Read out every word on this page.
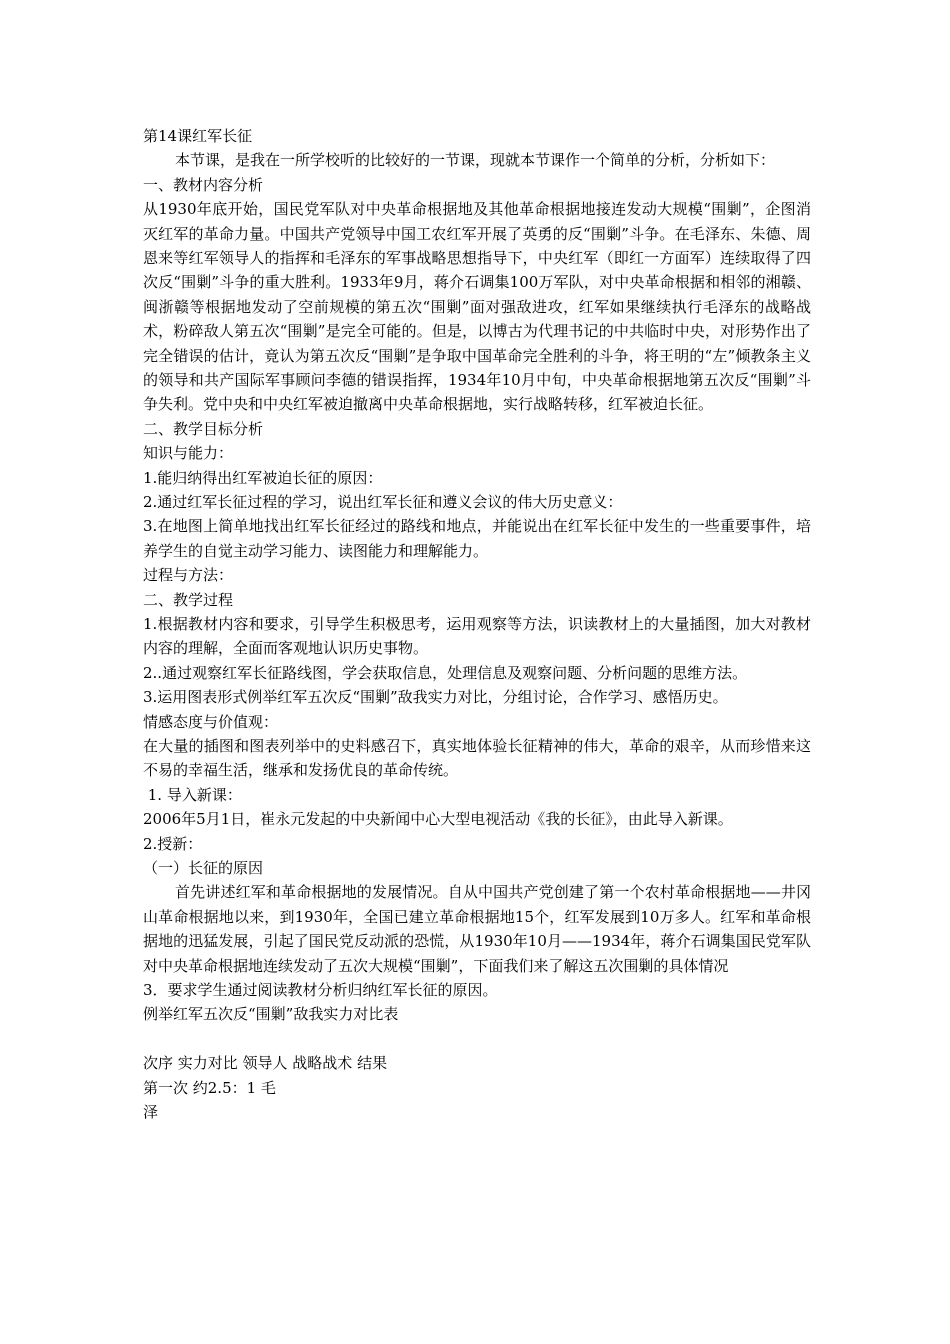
第14课红军长征
本节课，是我在一所学校听的比较好的一节课，现就本节课作一个简单的分析，分析如下：
一、教材内容分析
从1930年底开始，国民党军队对中央革命根据地及其他革命根据地接连发动大规模“围剿”，企图消灭红军的革命力量。中国共产党领导中国工农红军开展了英勇的反“围剿”斗争。在毛泽东、朱德、周恩来等红军领导人的指挥和毛泽东的军事战略思想指导下，中央红军（即红一方面军）连续取得了四次反“围剿”斗争的重大胜利。1933年9月，蒋介石调集100万军队，对中央革命根据和相邻的湘赣、闽浙赣等根据地发动了空前规模的第五次“围剿”面对强敌进攻，红军如果继续执行毛泽东的战略战术，粉碎敌人第五次“围剿”是完全可能的。但是，以博古为代理书记的中共临时中央，对形势作出了完全错误的估计，竟认为第五次反“围剿”是争取中国革命完全胜利的斗争，将王明的“左”倾教条主义的领导和共产国际军事顾问李德的错误指挥，1934年10月中旬，中央革命根据地第五次反“围剿”斗争失利。党中央和中央红军被迫撤离中央革命根据地，实行战略转移，红军被迫长征。
二、教学目标分析
知识与能力：
1.能归纳得出红军被迫长征的原因：
2.通过红军长征过程的学习，说出红军长征和遵义会议的伟大历史意义：
3.在地图上简单地找出红军长征经过的路线和地点，并能说出在红军长征中发生的一些重要事件，培养学生的自觉主动学习能力、读图能力和理解能力。
过程与方法：
二、教学过程
1.根据教材内容和要求，引导学生积极思考，运用观察等方法，识读教材上的大量插图，加大对教材内容的理解，全面而客观地认识历史事物。
2..通过观察红军长征路线图，学会获取信息，处理信息及观察问题、分析问题的思维方法。
3.运用图表形式例举红军五次反“围剿”敌我实力对比，分组讨论，合作学习、感悟历史。
情感态度与价值观：
在大量的插图和图表列举中的史料感召下，真实地体验长征精神的伟大，革命的艰辛，从而珍惜来这不易的幸福生活，继承和发扬优良的革命传统。
1. 导入新课：
2006年5月1日，崔永元发起的中央新闻中心大型电视活动《我的长征》，由此导入新课。
2.授新：
（一）长征的原因
首先讲述红军和革命根据地的发展情况。自从中国共产党创建了第一个农村革命根据地——井冈山革命根据地以来，到1930年，全国已建立革命根据地15个，红军发展到10万多人。红军和革命根据地的迅猛发展，引起了国民党反动派的恐慌，从1930年10月——1934年，蒋介石调集国民党军队对中央革命根据地连续发动了五次大规模“围剿”，下面我们来了解这五次围剿的具体情况
3．要求学生通过阅读教材分析归纳红军长征的原因。
例举红军五次反“围剿”敌我实力对比表
次序 实力对比 领导人 战略战术 结果
第一次 约2.5：1 毛
泽
